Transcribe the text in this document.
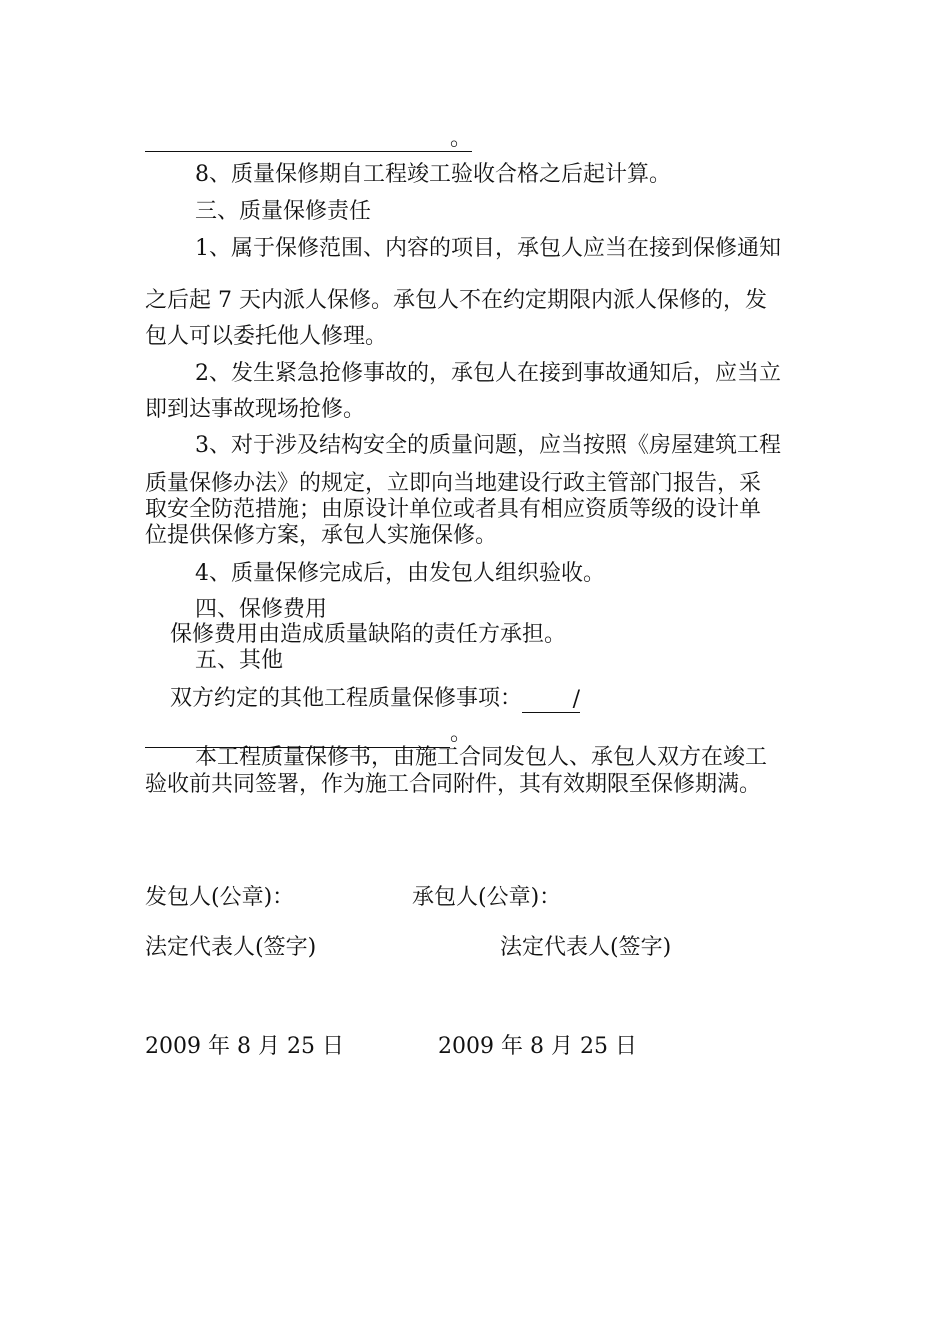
。
8、质量保修期自工程竣工验收合格之后起计算。
三、质量保修责任
1、属于保修范围、内容的项目，承包人应当在接到保修通知
之后起 7 天内派人保修。承包人不在约定期限内派人保修的，发
包人可以委托他人修理。
2、发生紧急抢修事故的，承包人在接到事故通知后，应当立
即到达事故现场抢修。
3、对于涉及结构安全的质量问题，应当按照《房屋建筑工程
质量保修办法》的规定，立即向当地建设行政主管部门报告，采
取安全防范措施；由原设计单位或者具有相应资质等级的设计单
位提供保修方案，承包人实施保修。
4、质量保修完成后，由发包人组织验收。
四、保修费用
保修费用由造成质量缺陷的责任方承担。
五、其他
双方约定的其他工程质量保修事项： /
。
本工程质量保修书，由施工合同发包人、承包人双方在竣工
验收前共同签署，作为施工合同附件，其有效期限至保修期满。
发包人(公章)：	承包人(公章)：
法定代表人(签字)	法定代表人(签字)
2009 年 8 月 25 日	2009 年 8 月 25 日
